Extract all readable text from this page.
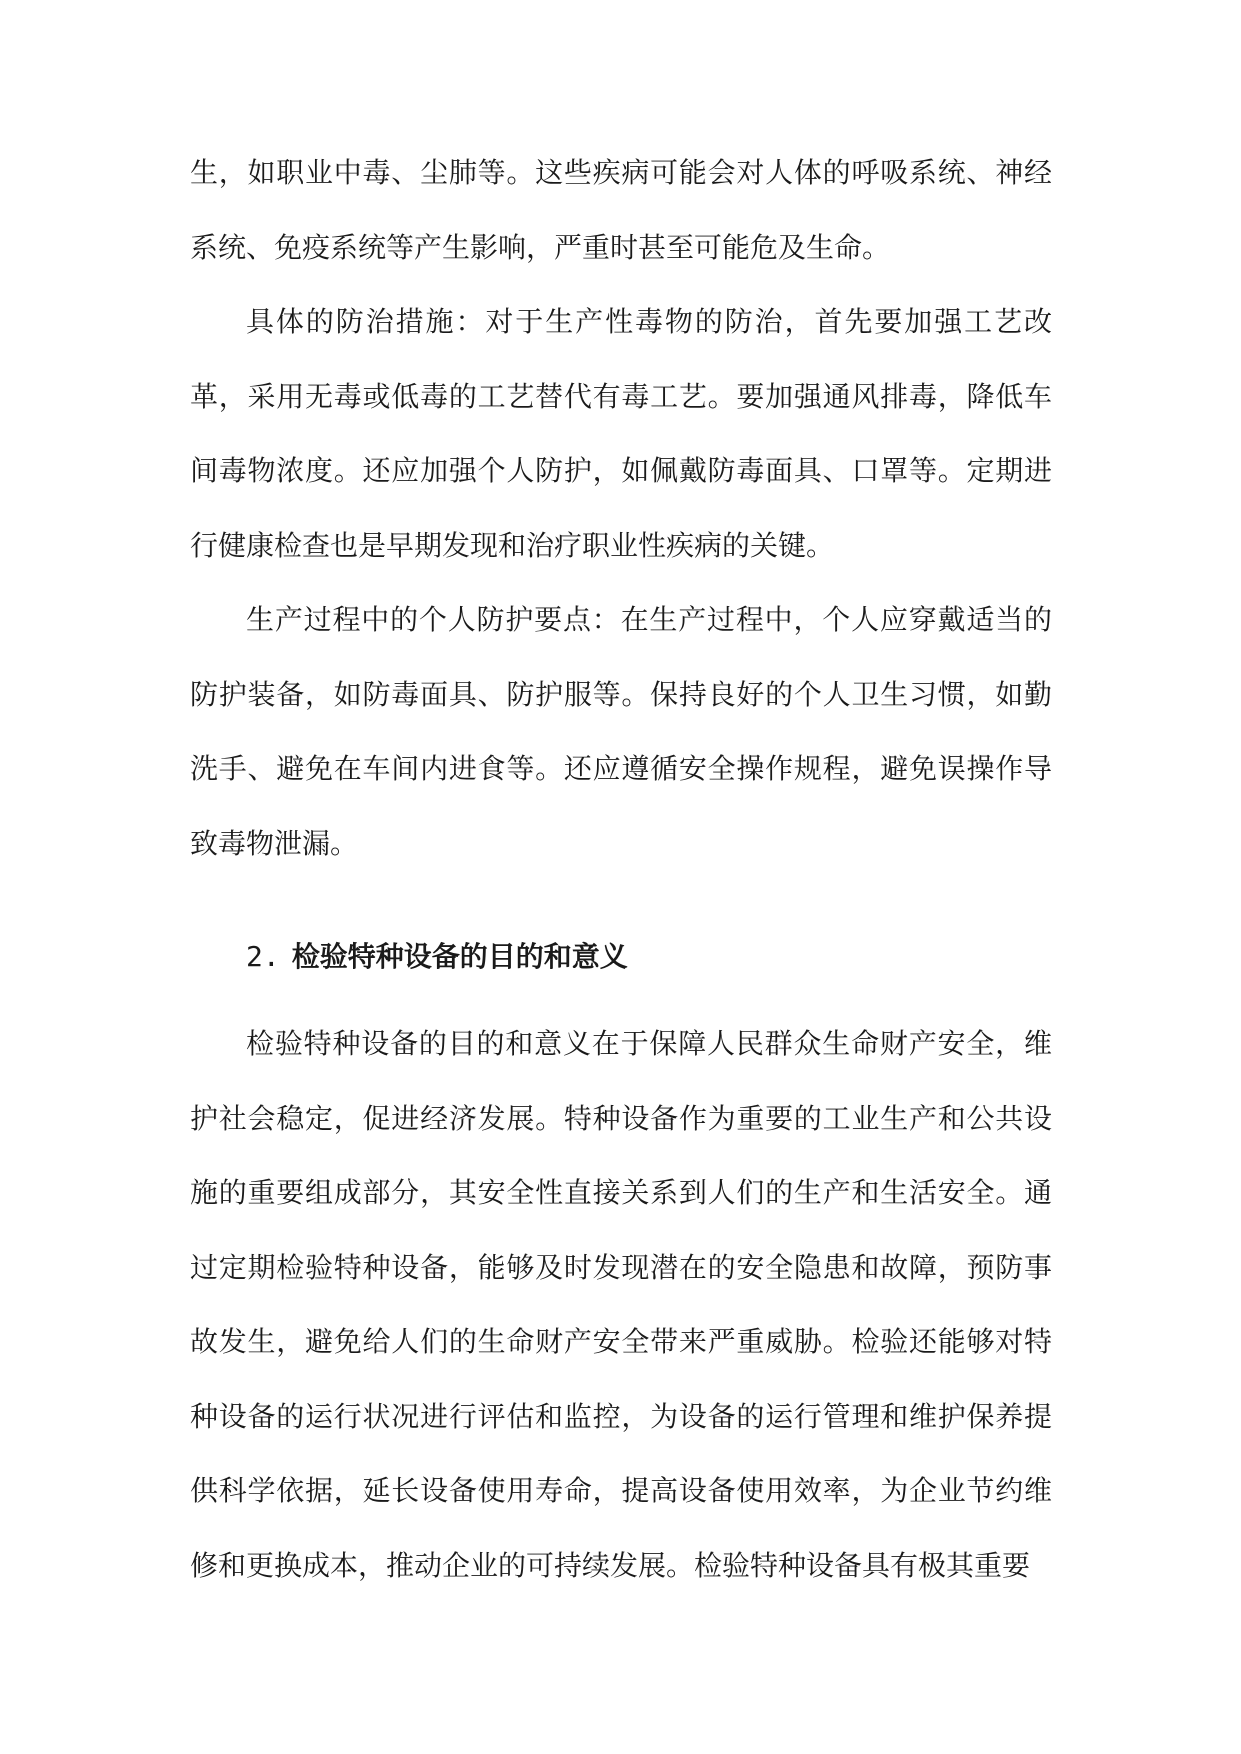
生，如职业中毒、尘肺等。这些疾病可能会对人体的呼吸系统、神经系统、免疫系统等产生影响，严重时甚至可能危及生命。

具体的防治措施：对于生产性毒物的防治，首先要加强工艺改革，采用无毒或低毒的工艺替代有毒工艺。要加强通风排毒，降低车间毒物浓度。还应加强个人防护，如佩戴防毒面具、口罩等。定期进行健康检查也是早期发现和治疗职业性疾病的关键。

生产过程中的个人防护要点：在生产过程中，个人应穿戴适当的防护装备，如防毒面具、防护服等。保持良好的个人卫生习惯，如勤洗手、避免在车间内进食等。还应遵循安全操作规程，避免误操作导致毒物泄漏。

2. 检验特种设备的目的和意义

检验特种设备的目的和意义在于保障人民群众生命财产安全，维护社会稳定，促进经济发展。特种设备作为重要的工业生产和公共设施的重要组成部分，其安全性直接关系到人们的生产和生活安全。通过定期检验特种设备，能够及时发现潜在的安全隐患和故障，预防事故发生，避免给人们的生命财产安全带来严重威胁。检验还能够对特种设备的运行状况进行评估和监控，为设备的运行管理和维护保养提供科学依据，延长设备使用寿命，提高设备使用效率，为企业节约维修和更换成本，推动企业的可持续发展。检验特种设备具有极其重要
